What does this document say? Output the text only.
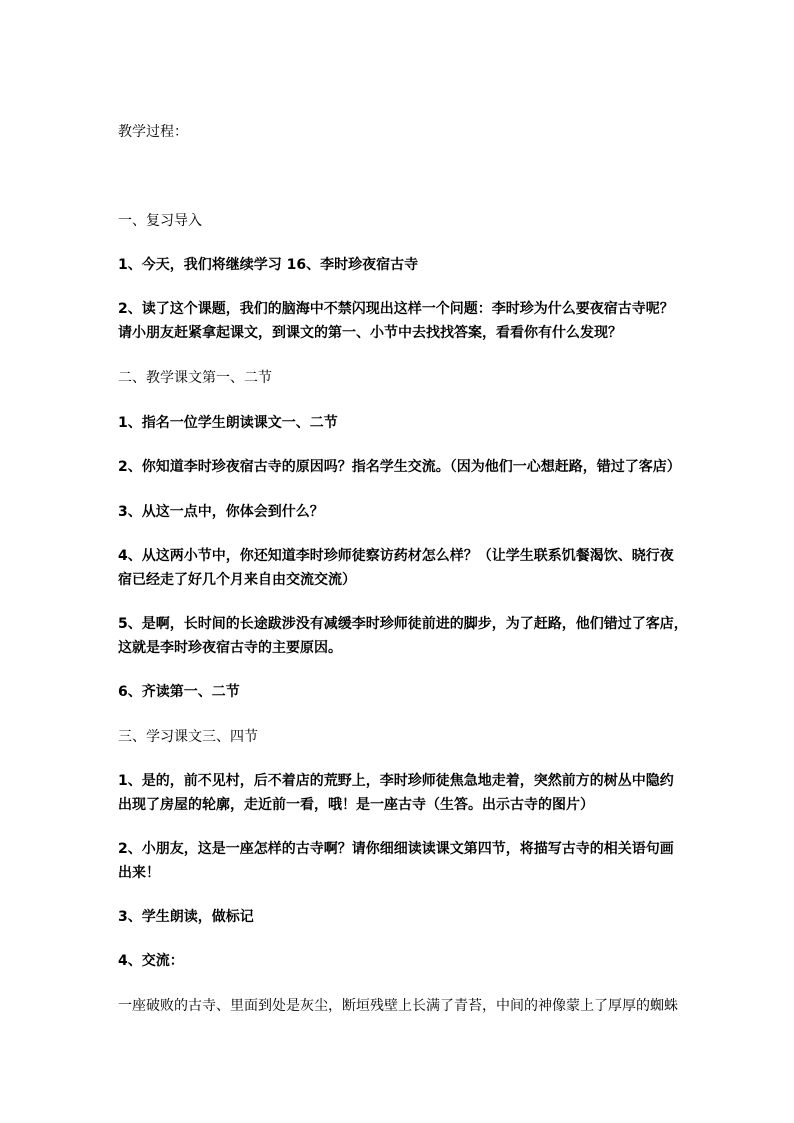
教学过程：

一、复习导入

1、今天，我们将继续学习 16、李时珍夜宿古寺

2、读了这个课题，我们的脑海中不禁闪现出这样一个问题：李时珍为什么要夜宿古寺呢？

请小朋友赶紧拿起课文，到课文的第一、小节中去找找答案，看看你有什么发现？

二、教学课文第一、二节

1、指名一位学生朗读课文一、二节

2、你知道李时珍夜宿古寺的原因吗？指名学生交流。（因为他们一心想赶路，错过了客店）

3、从这一点中，你体会到什么？

4、从这两小节中，你还知道李时珍师徒察访药材怎么样？（让学生联系饥餐渴饮、晓行夜

宿已经走了好几个月来自由交流交流）

5、是啊，长时间的长途跋涉没有减缓李时珍师徒前进的脚步，为了赶路，他们错过了客店，

这就是李时珍夜宿古寺的主要原因。

6、齐读第一、二节

三、学习课文三、四节

1、是的，前不见村，后不着店的荒野上，李时珍师徒焦急地走着，突然前方的树丛中隐约

出现了房屋的轮廓，走近前一看，哦！是一座古寺（生答。出示古寺的图片）

2、小朋友，这是一座怎样的古寺啊？请你细细读读课文第四节，将描写古寺的相关语句画

出来！

3、学生朗读，做标记

4、交流：

一座破败的古寺、里面到处是灰尘，断垣残壁上长满了青苔，中间的神像蒙上了厚厚的蜘蛛
